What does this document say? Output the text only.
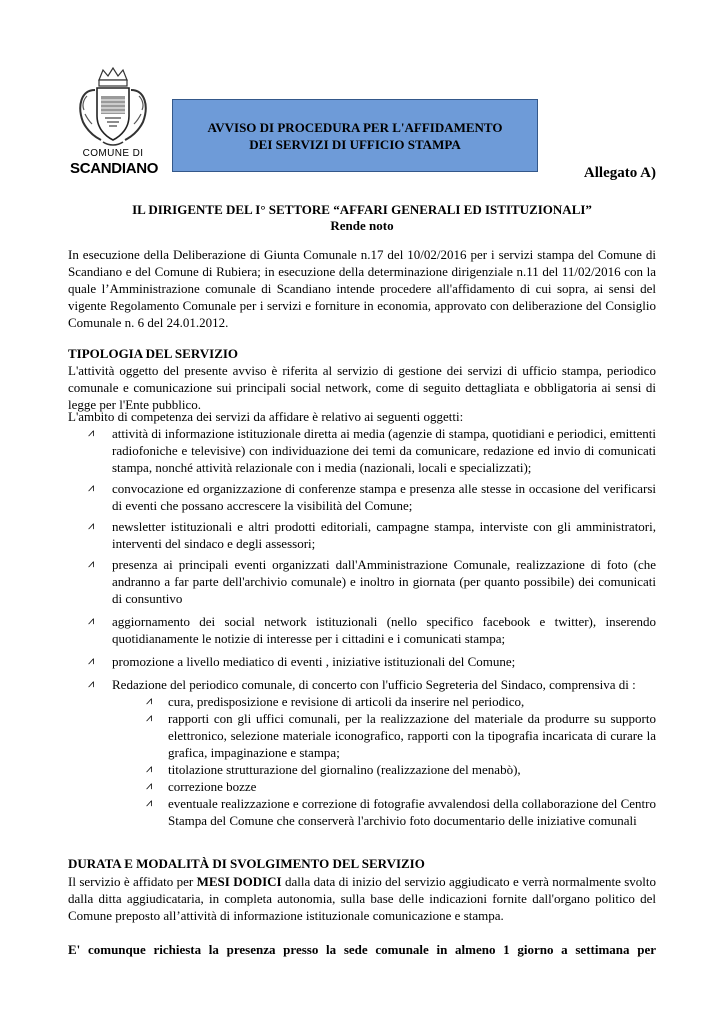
COMUNE DI
SCANDIANO
AVVISO DI PROCEDURA PER L'AFFIDAMENTO
DEI SERVIZI DI UFFICIO STAMPA
Allegato A)
IL DIRIGENTE DEL I° SETTORE “AFFARI GENERALI ED ISTITUZIONALI”
Rende noto
In esecuzione della Deliberazione di Giunta Comunale n.17 del 10/02/2016 per i servizi stampa del Comune di Scandiano e del Comune di Rubiera; in esecuzione della determinazione dirigenziale n.11 del 11/02/2016 con la quale l’Amministrazione comunale di Scandiano intende procedere all'affidamento di cui sopra, ai sensi del vigente Regolamento Comunale per i servizi e forniture in economia, approvato con deliberazione del Consiglio Comunale n. 6 del 24.01.2012.
TIPOLOGIA DEL SERVIZIO
L'attività oggetto del presente avviso è riferita al servizio di gestione dei servizi di ufficio stampa, periodico comunale e comunicazione sui principali social network, come di seguito dettagliata e obbligatoria ai sensi di legge per l'Ente pubblico.
L'ambito di competenza dei servizi da affidare è relativo ai seguenti oggetti:
⩘ attività di informazione istituzionale diretta ai media (agenzie di stampa, quotidiani e periodici, emittenti radiofoniche e televisive) con individuazione dei temi da comunicare, redazione ed invio di comunicati stampa, nonché attività relazionale con i media (nazionali, locali e specializzati);
⩘ convocazione ed organizzazione di conferenze stampa e presenza alle stesse in occasione del verificarsi di eventi che possano accrescere la visibilità del Comune;
⩘ newsletter istituzionali e altri prodotti editoriali, campagne stampa, interviste con gli amministratori, interventi del sindaco e degli assessori;
⩘ presenza ai principali eventi organizzati dall'Amministrazione Comunale, realizzazione di foto (che andranno a far parte dell'archivio comunale) e inoltro in giornata (per quanto possibile) dei comunicati di consuntivo
⩘ aggiornamento dei social network istituzionali (nello specifico facebook e twitter), inserendo quotidianamente le notizie di interesse per i cittadini e i comunicati stampa;
⩘ promozione a livello mediatico di eventi , iniziative istituzionali del Comune;
⩘ Redazione del periodico comunale, di concerto con l'ufficio Segreteria del Sindaco, comprensiva di :
⩘ cura, predisposizione e revisione di articoli da inserire nel periodico,
⩘ rapporti con gli uffici comunali, per la realizzazione del materiale da produrre su supporto elettronico, selezione materiale iconografico, rapporti con la tipografia incaricata di curare la grafica, impaginazione e stampa;
⩘ titolazione strutturazione del giornalino (realizzazione del menabò),
⩘ correzione bozze
⩘ eventuale realizzazione e correzione di fotografie avvalendosi della collaborazione del Centro Stampa del Comune che conserverà l'archivio foto documentario delle iniziative comunali
DURATA E MODALITÀ DI SVOLGIMENTO DEL SERVIZIO
Il servizio è affidato per MESI DODICI dalla data di inizio del servizio aggiudicato e verrà normalmente svolto dalla ditta aggiudicataria, in completa autonomia, sulla base delle indicazioni fornite dall'organo politico del Comune preposto all’attività di informazione istituzionale comunicazione e stampa.
E' comunque richiesta la presenza presso la sede comunale in almeno 1 giorno a settimana per
